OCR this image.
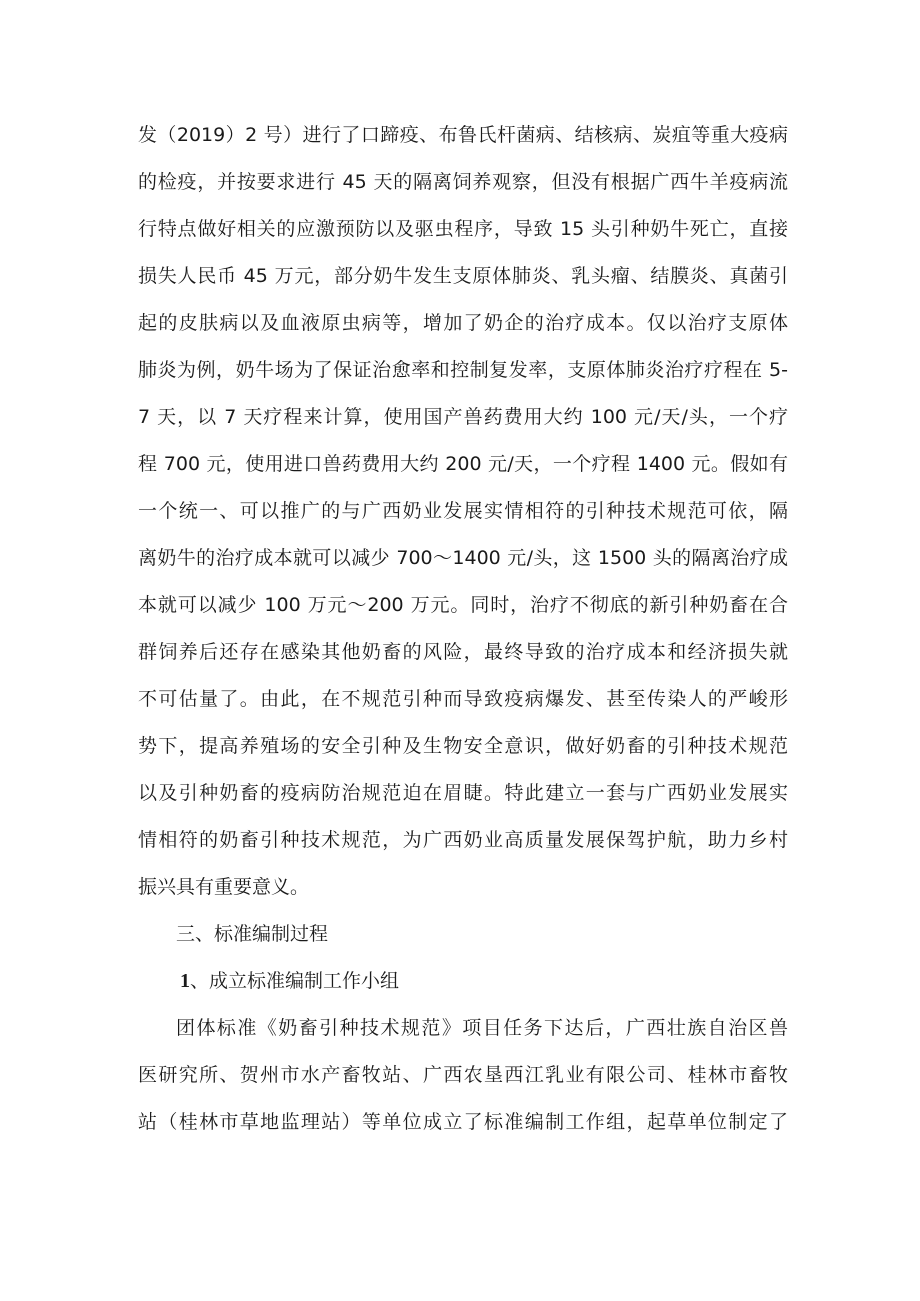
发（2019）2 号）进行了口蹄疫、布鲁氏杆菌病、结核病、炭疽等重大疫病
的检疫，并按要求进行 45 天的隔离饲养观察，但没有根据广西牛羊疫病流
行特点做好相关的应激预防以及驱虫程序，导致 15 头引种奶牛死亡，直接
损失人民币 45 万元，部分奶牛发生支原体肺炎、乳头瘤、结膜炎、真菌引
起的皮肤病以及血液原虫病等，增加了奶企的治疗成本。仅以治疗支原体
肺炎为例，奶牛场为了保证治愈率和控制复发率，支原体肺炎治疗疗程在 5-
7 天，以 7 天疗程来计算，使用国产兽药费用大约 100 元/天/头，一个疗
程 700 元，使用进口兽药费用大约 200 元/天，一个疗程 1400 元。假如有
一个统一、可以推广的与广西奶业发展实情相符的引种技术规范可依，隔
离奶牛的治疗成本就可以减少 700～1400 元/头，这 1500 头的隔离治疗成
本就可以减少 100 万元～200 万元。同时，治疗不彻底的新引种奶畜在合
群饲养后还存在感染其他奶畜的风险，最终导致的治疗成本和经济损失就
不可估量了。由此，在不规范引种而导致疫病爆发、甚至传染人的严峻形
势下，提高养殖场的安全引种及生物安全意识，做好奶畜的引种技术规范
以及引种奶畜的疫病防治规范迫在眉睫。特此建立一套与广西奶业发展实
情相符的奶畜引种技术规范，为广西奶业高质量发展保驾护航，助力乡村
振兴具有重要意义。
三、标准编制过程
1、成立标准编制工作小组
团体标准《奶畜引种技术规范》项目任务下达后，广西壮族自治区兽
医研究所、贺州市水产畜牧站、广西农垦西江乳业有限公司、桂林市畜牧
站（桂林市草地监理站）等单位成立了标准编制工作组，起草单位制定了
